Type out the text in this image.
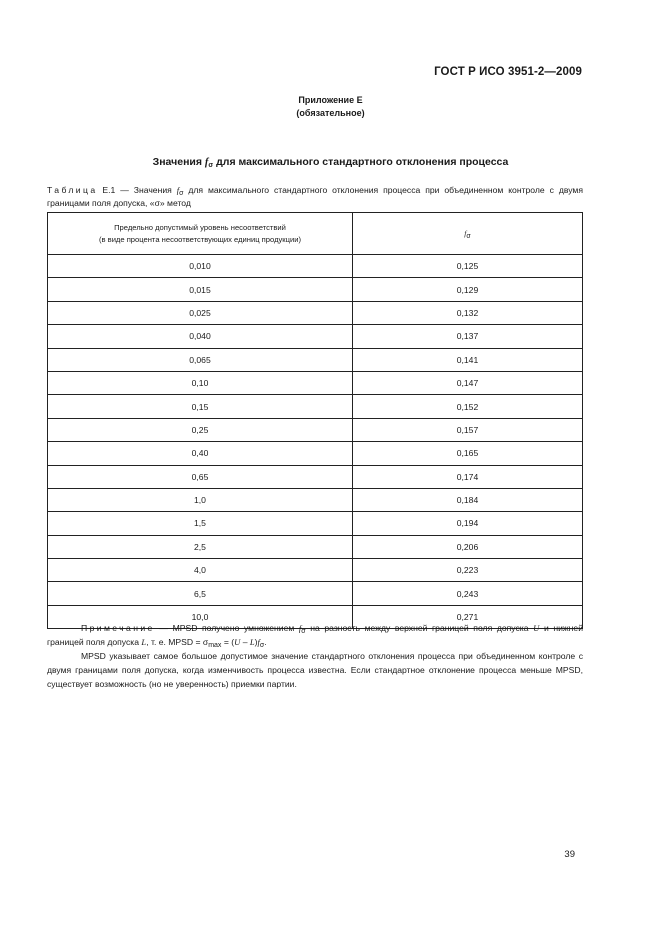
ГОСТ Р ИСО 3951-2—2009
Приложение Е
(обязательное)
Значения $f_\sigma$ для максимального стандартного отклонения процесса
Таблица Е.1 — Значения $f_\sigma$ для максимального стандартного отклонения процесса при объединенном контроле с двумя границами поля допуска, «σ» метод
Предельно допустимый уровень несоответствий
(в виде процента несоответствующих единиц продукции)	$f_\sigma$
0,010	0,125
0,015	0,129
0,025	0,132
0,040	0,137
0,065	0,141
0,10	0,147
0,15	0,152
0,25	0,157
0,40	0,165
0,65	0,174
1,0	0,184
1,5	0,194
2,5	0,206
4,0	0,223
6,5	0,243
10,0	0,271

Примечание — MPSD получено умножением $f_\sigma$ на разность между верхней границей поля допуска U и нижней границей поля допуска L, т. е. MPSD = $\sigma_{max} = (U - L)f_\sigma$.

MPSD указывает самое большое допустимое значение стандартного отклонения процесса при объединенном контроле с двумя границами поля допуска, когда изменчивость процесса известна. Если стандартное отклонение процесса меньше MPSD, существует возможность (но не уверенность) приемки партии.

39
